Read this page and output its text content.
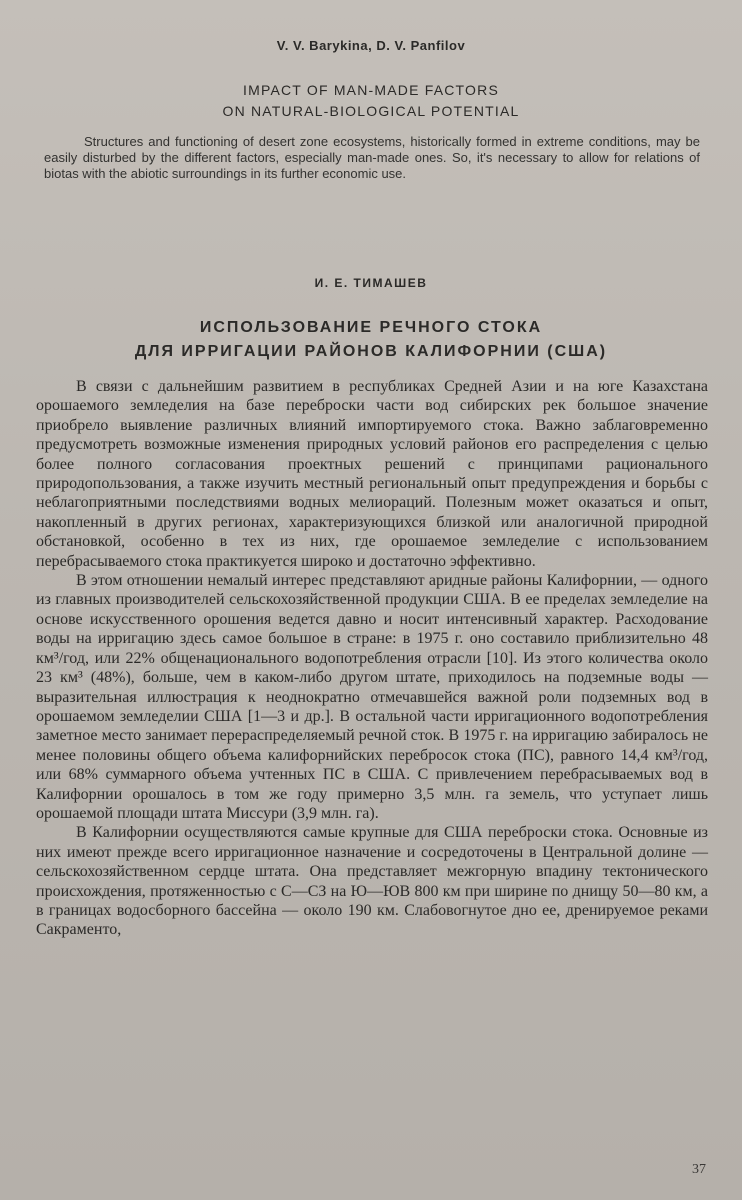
V. V. Barykina, D. V. Panfilov
IMPACT OF MAN-MADE FACTORS
ON NATURAL-BIOLOGICAL POTENTIAL
Structures and functioning of desert zone ecosystems, historically formed in extreme conditions, may be easily disturbed by the different factors, especially man-made ones. So, it's necessary to allow for relations of biotas with the abiotic surroundings in its further economic use.
И. Е. ТИМАШЕВ
ИСПОЛЬЗОВАНИЕ РЕЧНОГО СТОКА
ДЛЯ ИРРИГАЦИИ РАЙОНОВ КАЛИФОРНИИ (США)

В связи с дальнейшим развитием в республиках Средней Азии и на юге Казахстана орошаемого земледелия на базе переброски части вод сибирских рек большое значение приобрело выявление различных влияний импортируемого стока. Важно заблаговременно предусмотреть возможные изменения природных условий районов его распределения с целью более полного согласования проектных решений с принципами рационального природопользования, а также изучить местный региональный опыт предупреждения и борьбы с неблагоприятными последствиями водных мелиораций. Полезным может оказаться и опыт, накопленный в других регионах, характеризующихся близкой или аналогичной природной обстановкой, особенно в тех из них, где орошаемое земледелие с использованием перебрасываемого стока практикуется широко и достаточно эффективно.

В этом отношении немалый интерес представляют аридные районы Калифорнии, — одного из главных производителей сельскохозяйственной продукции США. В ее пределах земледелие на основе искусственного орошения ведется давно и носит интенсивный характер. Расходование воды на ирригацию здесь самое большое в стране: в 1975 г. оно составило приблизительно 48 км³/год, или 22% общенационального водопотребления отрасли [10]. Из этого количества около 23 км³ (48%), больше, чем в каком-либо другом штате, приходилось на подземные воды — выразительная иллюстрация к неоднократно отмечавшейся важной роли подземных вод в орошаемом земледелии США [1—3 и др.]. В остальной части ирригационного водопотребления заметное место занимает перераспределяемый речной сток. В 1975 г. на ирригацию забиралось не менее половины общего объема калифорнийских перебросок стока (ПС), равного 14,4 км³/год, или 68% суммарного объема учтенных ПС в США. С привлечением перебрасываемых вод в Калифорнии орошалось в том же году примерно 3,5 млн. га земель, что уступает лишь орошаемой площади штата Миссури (3,9 млн. га).

В Калифорнии осуществляются самые крупные для США переброски стока. Основные из них имеют прежде всего ирригационное назначение и сосредоточены в Центральной долине — сельскохозяйственном сердце штата. Она представляет межгорную впадину тектонического происхождения, протяженностью с С—СЗ на Ю—ЮВ 800 км при ширине по днищу 50—80 км, а в границах водосборного бассейна — около 190 км. Слабовогнутое дно ее, дренируемое реками Сакраменто,

37
